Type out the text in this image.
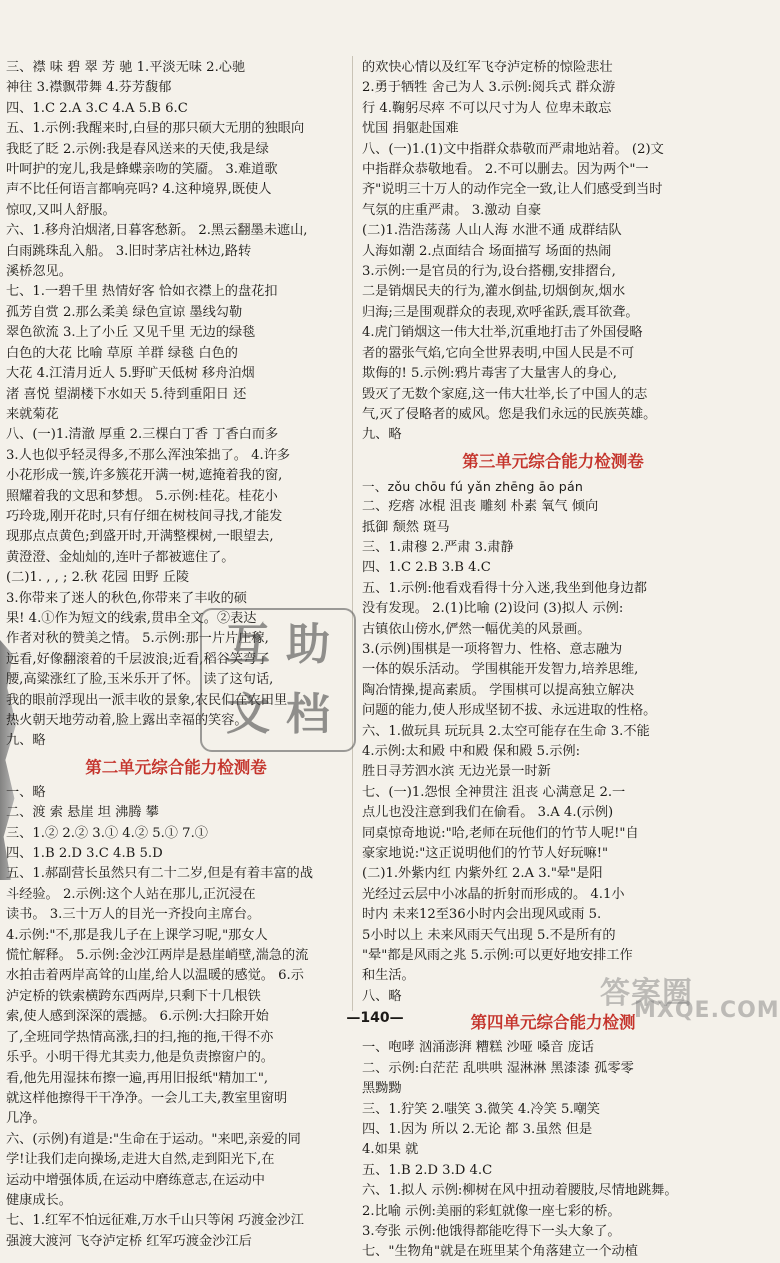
三、襟 味 碧 翠 芳 驰 1.平淡无味 2.心驰
神往 3.襟飘带舞 4.芬芳馥郁
四、1.C 2.A 3.C 4.A 5.B 6.C
五、1.示例:我醒来时,白昼的那只硕大无朋的独眼向
我眨了眨 2.示例:我是春风送来的天使,我是绿
叶呵护的宠儿,我是蜂蝶亲吻的笑靥。 3.难道歌
声不比任何语言都响亮吗? 4.这种境界,既使人
惊叹,又叫人舒服。
六、1.移舟泊烟渚,日暮客愁新。 2.黑云翻墨未遮山,
白雨跳珠乱入船。 3.旧时茅店社林边,路转
溪桥忽见。
七、1.一碧千里 热情好客 恰如衣襟上的盘花扣
孤芳自赏 2.那么柔美 绿色宣谅 墨线勾勒
翠色欲流 3.上了小丘 又见千里 无边的绿毯
白色的大花 比喻 草原 羊群 绿毯 白色的
大花 4.江清月近人 5.野旷天低树 移舟泊烟
渚 喜悦 望湖楼下水如天 5.待到重阳日 还
来就菊花
八、(一)1.清澈 厚重 2.三棵白丁香 丁香白而多
3.人也似乎轻灵得多,不那么浑浊笨拙了。 4.许多
小花形成一簇,许多簇花开满一树,遮掩着我的窗,
照耀着我的文思和梦想。 5.示例:桂花。桂花小
巧玲珑,刚开花时,只有仔细在树枝间寻找,才能发
现那点点黄色;到盛开时,开满整棵树,一眼望去,
黄澄澄、金灿灿的,连叶子都被遮住了。
(二)1. , , ; 2.秋 花园 田野 丘陵
3.你带来了迷人的秋色,你带来了丰收的硕
果! 4.①作为短文的线索,贯串全文。②表达
作者对秋的赞美之情。 5.示例:那一片片庄稼,
远看,好像翻滚着的千层波浪;近看,稻谷笑弯了
腰,高粱涨红了脸,玉米乐开了怀。 读了这句话,
我的眼前浮现出一派丰收的景象,农民们在农田里
热火朝天地劳动着,脸上露出幸福的笑容。
九、略
第二单元综合能力检测卷
一、略
二、渡 索 悬崖 坦 沸腾 攀
三、1.② 2.② 3.① 4.② 5.① 7.①
四、1.B 2.D 3.C 4.B 5.D
五、1.郝副营长虽然只有二十二岁,但是有着丰富的战
斗经验。 2.示例:这个人站在那儿,正沉浸在
读书。 3.三十万人的目光一齐投向主席台。
4.示例:"不,那是我儿子在上课学习呢,"那女人
慌忙解释。 5.示例:金沙江两岸是悬崖峭壁,湍急的流
水拍击着两岸高耸的山崖,给人以温暖的感觉。 6.示
泸定桥的铁索横跨东西两岸,只剩下十几根铁
索,使人感到深深的震撼。 6.示例:大扫除开始
了,全班同学热情高涨,扫的扫,拖的拖,干得不亦
乐乎。小明干得尤其卖力,他是负责擦窗户的。
看,他先用湿抹布擦一遍,再用旧报纸"精加工",
就这样他擦得干干净净。一会儿工夫,教室里窗明
几净。
六、(示例)有道是:"生命在于运动。"来吧,亲爱的同
学!让我们走向操场,走进大自然,走到阳光下,在
运动中增强体质,在运动中磨练意志,在运动中
健康成长。
七、1.红军不怕远征难,万水千山只等闲 巧渡金沙江
强渡大渡河 飞夺泸定桥 红军巧渡金沙江后
的欢快心情以及红军飞夺泸定桥的惊险悲壮
2.勇于牺牲 舍己为人 3.示例:阅兵式 群众游
行 4.鞠躬尽瘁 不可以尺寸为人 位卑未敢忘
忧国 捐躯赴国难
八、(一)1.(1)文中指群众恭敬而严肃地站着。 (2)文
中指群众恭敬地看。 2.不可以删去。因为两个"一
齐"说明三十万人的动作完全一致,让人们感受到当时
气氛的庄重严肃。 3.激动 自豪
(二)1.浩浩荡荡 人山人海 水泄不通 成群结队
人海如潮 2.点面结合 场面描写 场面的热闹
3.示例:一是官员的行为,设台搭棚,安排摺台,
二是销烟民夫的行为,灌水倒盐,切烟倒灰,烟水
归海;三是围观群众的表现,欢呼雀跃,震耳欲聋。
4.虎门销烟这一伟大壮举,沉重地打击了外国侵略
者的嚣张气焰,它向全世界表明,中国人民是不可
欺侮的! 5.示例:鸦片毒害了大量害人的身心,
毁灭了无数个家庭,这一伟大壮举,长了中国人的志
气,灭了侵略者的威风。您是我们永远的民族英雄。
九、略
第三单元综合能力检测卷
一、zǒu chōu fú yǎn zhēng āo pán
二、疙瘩 冰棍 沮丧 雕刻 朴素 氧气 倾向
抵御 颓然 斑马
三、1.肃穆 2.严肃 3.肃静
四、1.C 2.B 3.B 4.C
五、1.示例:他看戏看得十分入迷,我坐到他身边都
没有发现。 2.(1)比喻 (2)设问 (3)拟人 示例:
古镇依山傍水,俨然一幅优美的风景画。
3.(示例)围棋是一项将智力、性格、意志融为
一体的娱乐活动。 学围棋能开发智力,培养思维,
陶冶情操,提高素质。 学围棋可以提高独立解决
问题的能力,使人形成坚韧不拔、永远进取的性格。
六、1.做玩具 玩玩具 2.太空可能存在生命 3.不能
4.示例:太和殿 中和殿 保和殿 5.示例:
胜日寻芳泗水滨 无边光景一时新
七、(一)1.怨恨 全神贯注 沮丧 心满意足 2.一
点儿也没注意到我们在偷看。 3.A 4.(示例)
同桌惊奇地说:"哈,老师在玩他们的竹节人呢!"自
豪家地说:"这正说明他们的竹节人好玩嘛!"
(二)1.外紫内红 内紫外红 2.A 3."晕"是阳
光经过云层中小冰晶的折射而形成的。 4.1小
时内 未来12至36小时内会出现风或雨 5.
5小时以上 未来风雨天气出现 5.不是所有的
"晕"都是风雨之兆 5.示例:可以更好地安排工作
和生活。
八、略
第四单元综合能力检测
一、咆哮 汹涌澎湃 糟糕 沙哑 嗓音 庞话
二、示例:白茫茫 乱哄哄 湿淋淋 黑漆漆 孤零零
黑黝黝
三、1.狞笑 2.嗤笑 3.微笑 4.冷笑 5.嘲笑
四、1.因为 所以 2.无论 都 3.虽然 但是
4.如果 就
五、1.B 2.D 3.D 4.C
六、1.拟人 示例:柳树在风中扭动着腰肢,尽情地跳舞。
2.比喻 示例:美丽的彩虹就像一座七彩的桥。
3.夸张 示例:他饿得都能吃得下一头大象了。
七、"生物角"就是在班里某个角落建立一个动植
互 助
文 档
答案圈
MXQE.COM
—140—
